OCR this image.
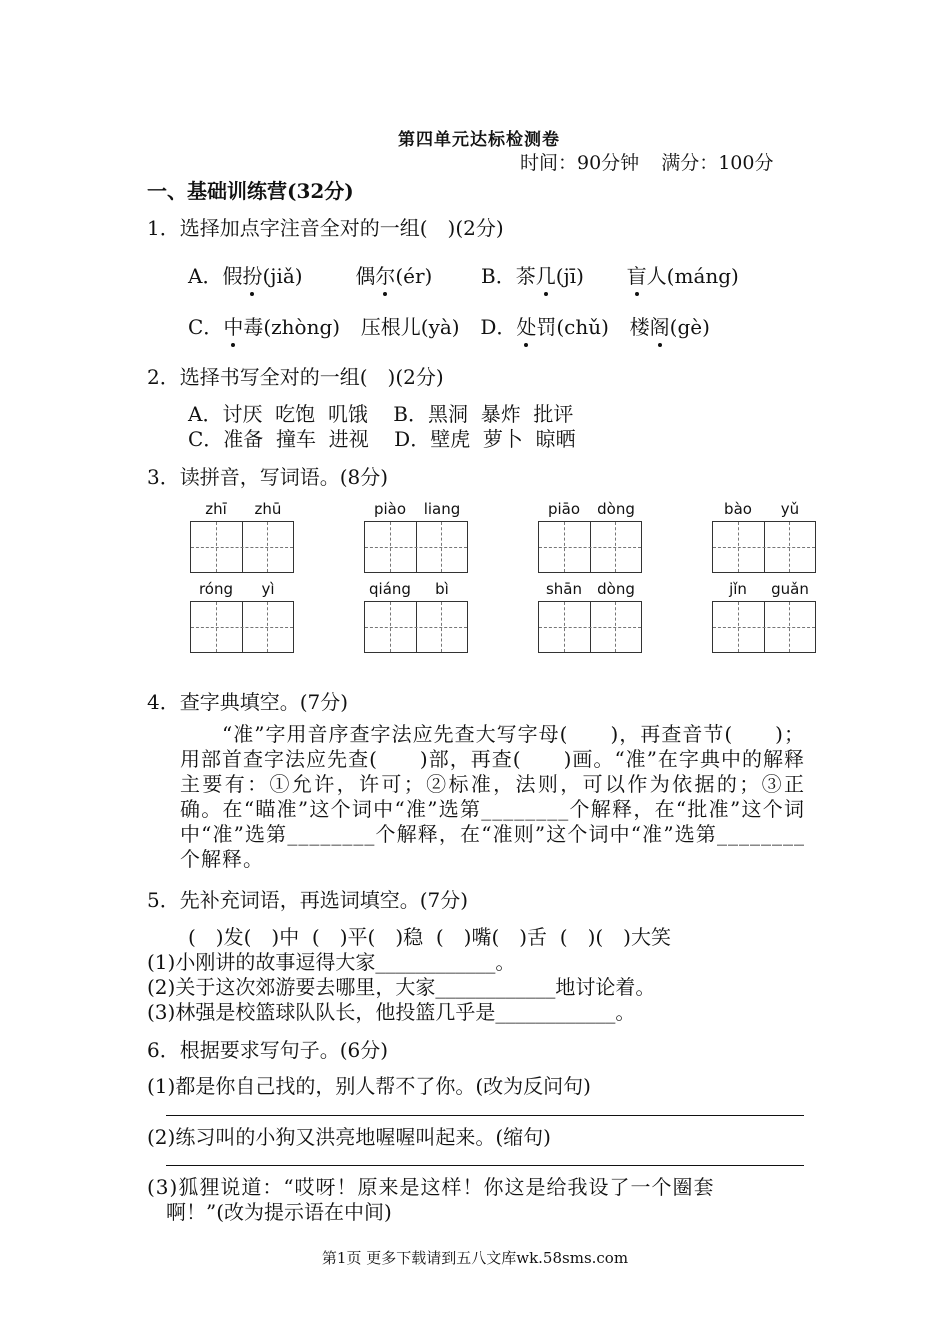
第四单元达标检测卷
时间：90分钟 满分：100分
一、基础训练营(32分)
1．选择加点字注音全对的一组(　)(2分)
A．假扮(jiǎ)	偶尔(ér) B．茶几(jī) 盲人(máng)
C．中毒(zhòng) 压根儿(yà) D．处罚(chǔ) 楼阁(gè)
2．选择书写全对的一组(　)(2分)
A．讨厌  吃饱  叽饿    B．黑洞  暴炸  批评
C．准备  撞车  进视    D．壁虎  萝卜  晾晒
3．读拼音，写词语。(8分)
zhī	zhū	piào	liang	piāo	dòng	bào	yǔ
róng	yì	qiáng	bì	shān	dòng	jǐn	guǎn
4．查字典填空。(7分)
　　“准”字用音序查字法应先查大写字母(　　)，再查音节(　　)；用部首查字法应先查(　　)部，再查(　　)画。“准”在字典中的解释主要有：①允许，许可；②标准，法则，可以作为依据的；③正确。在“瞄准”这个词中“准”选第________个解释，在“批准”这个词中“准”选第________个解释，在“准则”这个词中“准”选第________个解释。
5．先补充词语，再选词填空。(7分)
(　)发(　)中  (　)平(　)稳  (　)嘴(　)舌  (　)(　)大笑
(1)小刚讲的故事逗得大家____________。
(2)关于这次郊游要去哪里，大家____________地讨论着。
(3)林强是校篮球队队长，他投篮几乎是____________。
6．根据要求写句子。(6分)
(1)都是你自己找的，别人帮不了你。(改为反问句)
(2)练习叫的小狗又洪亮地喔喔叫起来。(缩句)
(3)狐狸说道：“哎呀！原来是这样！你这是给我设了一个圈套
啊！”(改为提示语在中间)
第1页 更多下载请到五八文库wk.58sms.com
